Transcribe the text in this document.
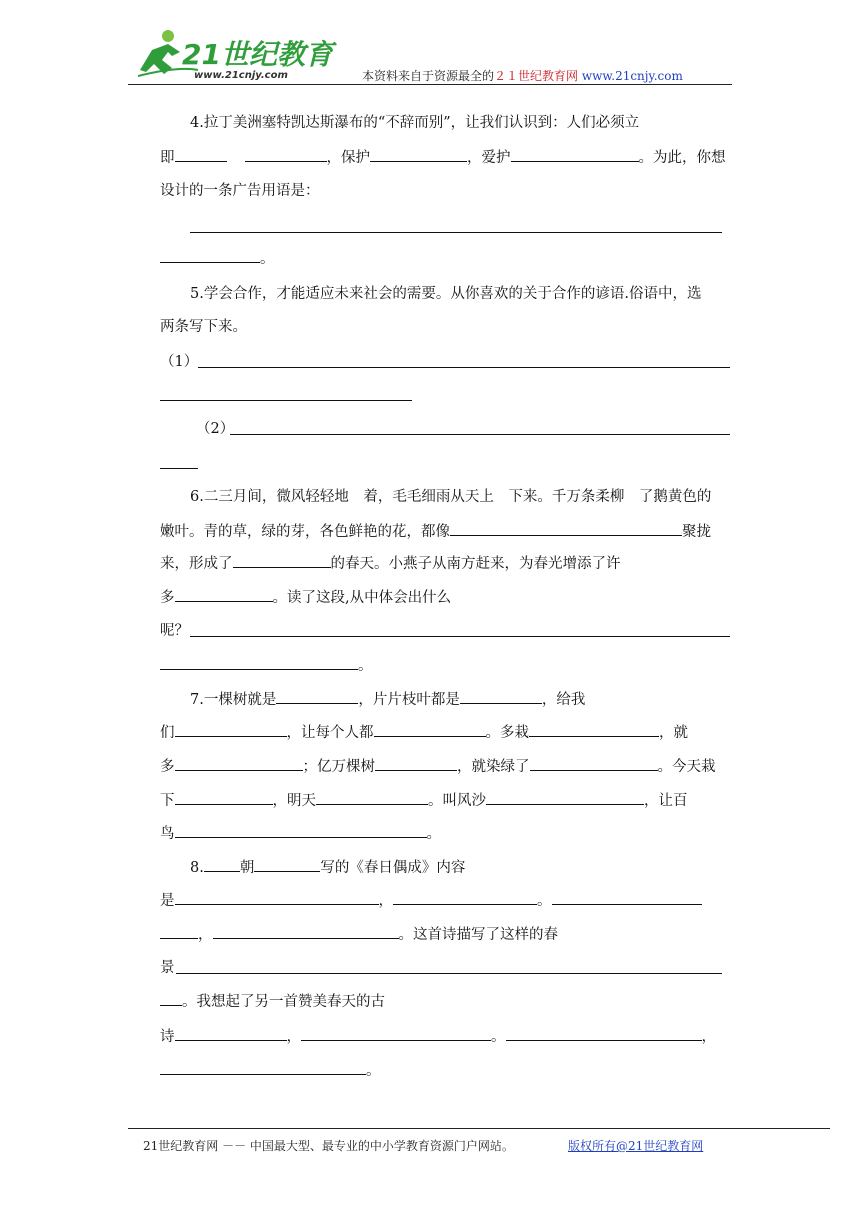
21世纪教育
www.21cnjy.com	本资料来自于资源最全的２１世纪教育网 www.21cnjy.com
4.拉丁美洲塞特凯达斯瀑布的“不辞而别”，让我们认识到：人们必须立
即	，保护	，爱护	。为此，你想
设计的一条广告用语是：
。
5.学会合作，才能适应未来社会的需要。从你喜欢的关于合作的谚语.俗语中，选
两条写下来。
（1）
（2）
6.二三月间，微风轻轻地　着，毛毛细雨从天上　下来。千万条柔柳　了鹅黄色的
嫩叶。青的草，绿的芽，各色鲜艳的花，都像	聚拢
来，形成了	的春天。小燕子从南方赶来，为春光增添了许
多	。读了这段,从中体会出什么
呢？
。
7.一棵树就是	，片片枝叶都是	，给我
们	，让每个人都	。多栽	，就
多	；亿万棵树	，就染绿了	。今天栽
下	，明天	。叫风沙	，让百
鸟	。
8. 朝	写的《春日偶成》内容
是	，	。
，	。这首诗描写了这样的春
景
。我想起了另一首赞美春天的古
诗	，	。	，
。
21世纪教育网 －－ 中国最大型、最专业的中小学教育资源门户网站。	版权所有@21世纪教育网
